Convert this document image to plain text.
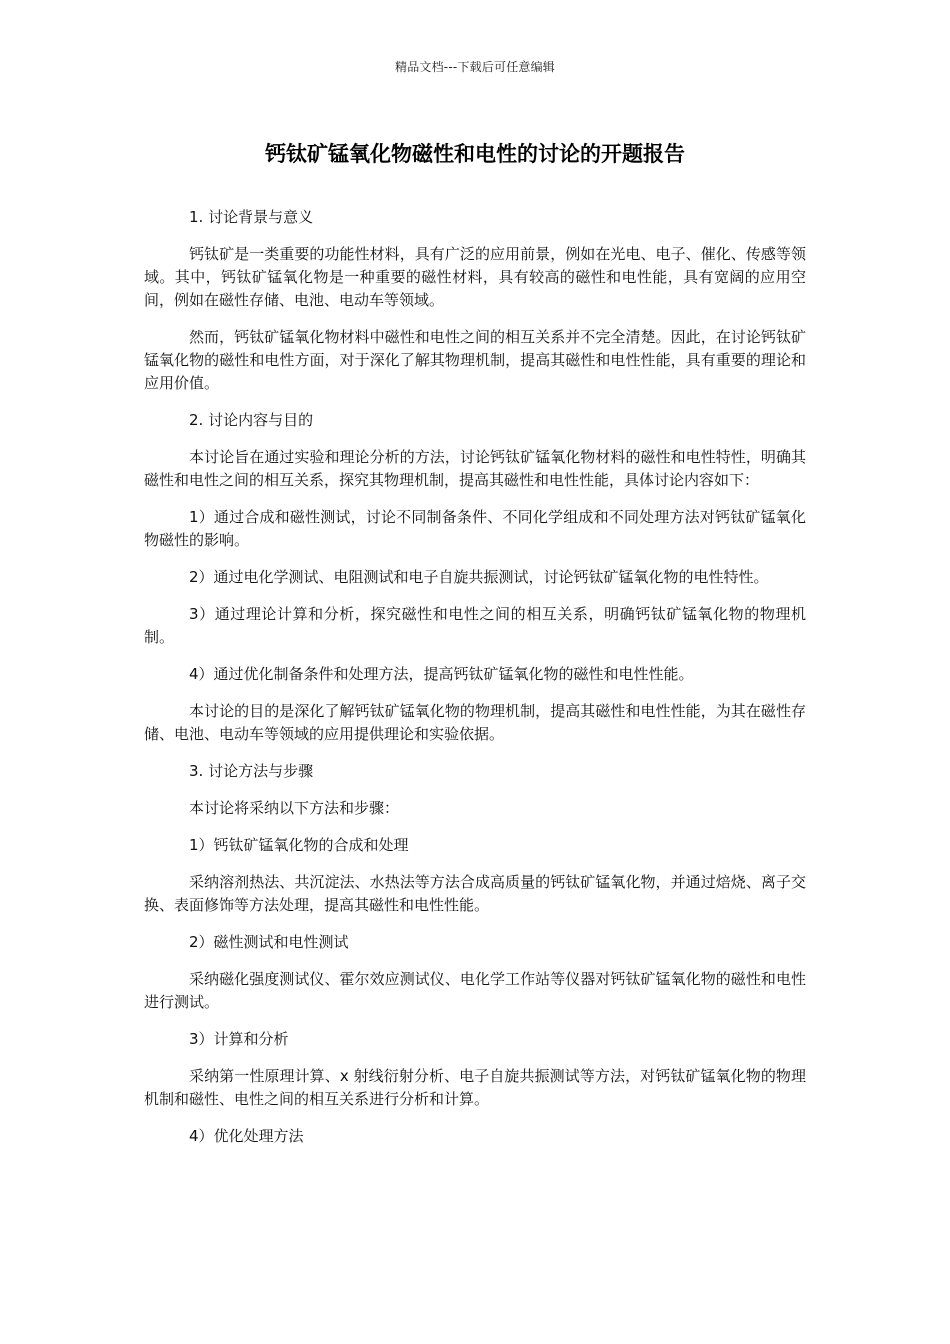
精品文档---下载后可任意编辑
钙钛矿锰氧化物磁性和电性的讨论的开题报告

1. 讨论背景与意义

钙钛矿是一类重要的功能性材料，具有广泛的应用前景，例如在光电、电子、催化、传感等领域。其中，钙钛矿锰氧化物是一种重要的磁性材料，具有较高的磁性和电性能，具有宽阔的应用空间，例如在磁性存储、电池、电动车等领域。

然而，钙钛矿锰氧化物材料中磁性和电性之间的相互关系并不完全清楚。因此，在讨论钙钛矿锰氧化物的磁性和电性方面，对于深化了解其物理机制，提高其磁性和电性性能，具有重要的理论和应用价值。

2. 讨论内容与目的

本讨论旨在通过实验和理论分析的方法，讨论钙钛矿锰氧化物材料的磁性和电性特性，明确其磁性和电性之间的相互关系，探究其物理机制，提高其磁性和电性性能，具体讨论内容如下：

1）通过合成和磁性测试，讨论不同制备条件、不同化学组成和不同处理方法对钙钛矿锰氧化物磁性的影响。

2）通过电化学测试、电阻测试和电子自旋共振测试，讨论钙钛矿锰氧化物的电性特性。

3）通过理论计算和分析，探究磁性和电性之间的相互关系，明确钙钛矿锰氧化物的物理机制。

4）通过优化制备条件和处理方法，提高钙钛矿锰氧化物的磁性和电性性能。

本讨论的目的是深化了解钙钛矿锰氧化物的物理机制，提高其磁性和电性性能，为其在磁性存储、电池、电动车等领域的应用提供理论和实验依据。

3. 讨论方法与步骤

本讨论将采纳以下方法和步骤：

1）钙钛矿锰氧化物的合成和处理

采纳溶剂热法、共沉淀法、水热法等方法合成高质量的钙钛矿锰氧化物，并通过焙烧、离子交换、表面修饰等方法处理，提高其磁性和电性性能。

2）磁性测试和电性测试

采纳磁化强度测试仪、霍尔效应测试仪、电化学工作站等仪器对钙钛矿锰氧化物的磁性和电性进行测试。

3）计算和分析

采纳第一性原理计算、x 射线衍射分析、电子自旋共振测试等方法，对钙钛矿锰氧化物的物理机制和磁性、电性之间的相互关系进行分析和计算。

4）优化处理方法
